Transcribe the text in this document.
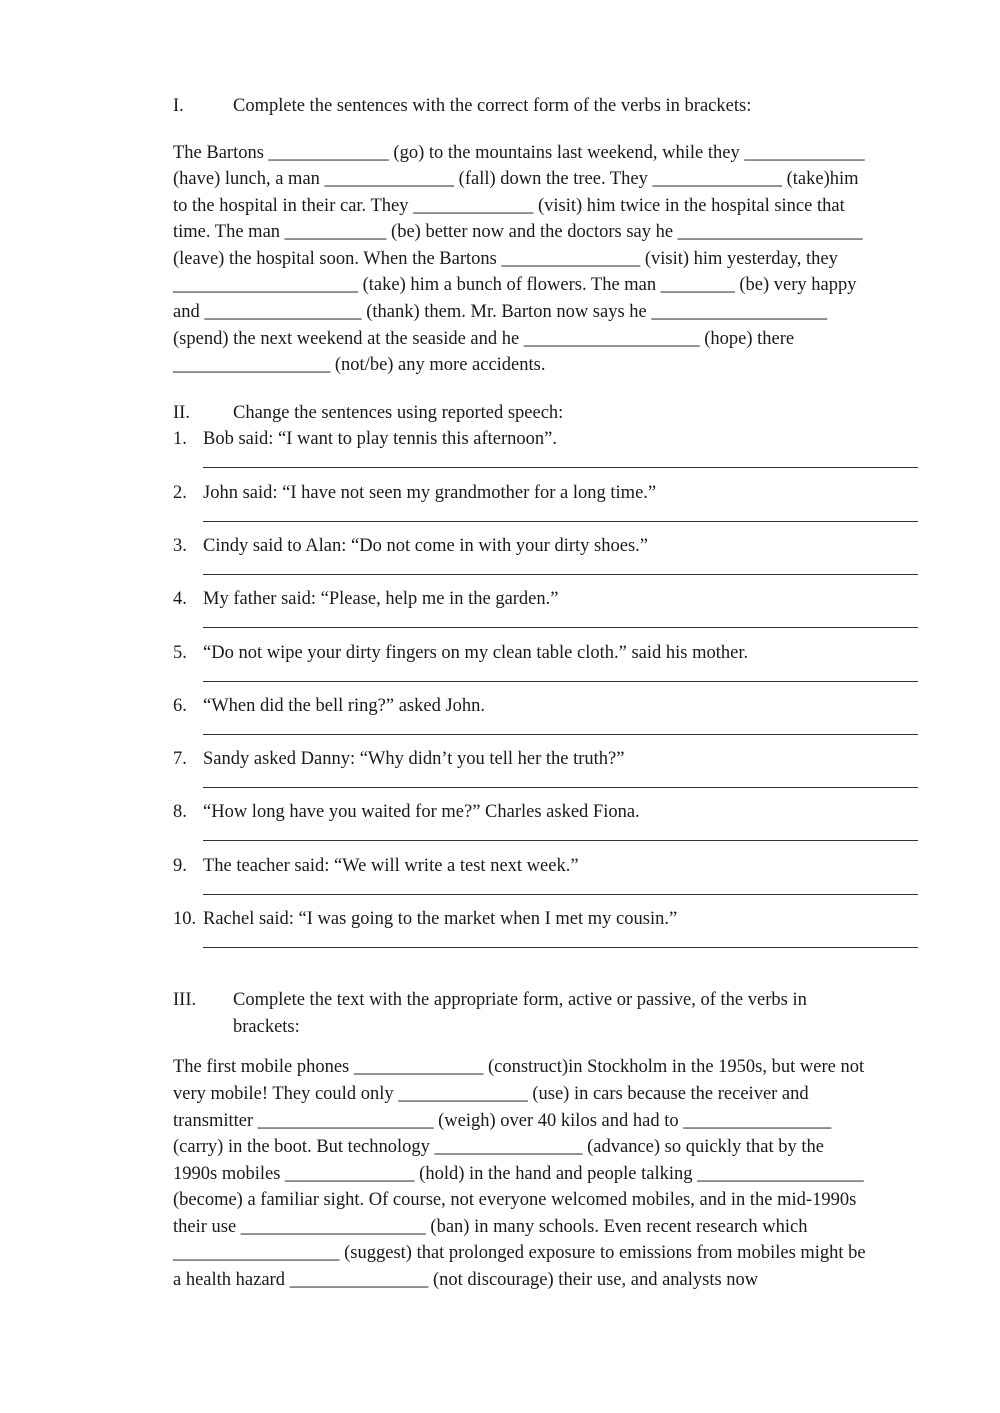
I.	Complete the sentences with the correct form of the verbs in brackets:
The Bartons _____________ (go) to the mountains last weekend, while they _____________
(have) lunch, a man ______________ (fall) down the tree. They ______________ (take)him
to the hospital in their car. They _____________ (visit) him twice in the hospital since that
time. The man ___________ (be) better now and the doctors say he ____________________
(leave) the hospital soon. When the Bartons _______________ (visit) him yesterday, they
____________________ (take) him a bunch of flowers. The man ________ (be) very happy
and _________________ (thank) them. Mr. Barton now says he ___________________
(spend) the next weekend at the seaside and he ___________________ (hope) there
_________________ (not/be) any more accidents.
II. Change the sentences using reported speech:
1. Bob said: “I want to play tennis this afternoon”.
2. John said: “I have not seen my grandmother for a long time.”
3. Cindy said to Alan: “Do not come in with your dirty shoes.”
4. My father said: “Please, help me in the garden.”
5. “Do not wipe your dirty fingers on my clean table cloth.” said his mother.
6. “When did the bell ring?” asked John.
7. Sandy asked Danny: “Why didn’t you tell her the truth?”
8. “How long have you waited for me?” Charles asked Fiona.
9. The teacher said: “We will write a test next week.”
10. Rachel said: “I was going to the market when I met my cousin.”
III. Complete the text with the appropriate form, active or passive, of the verbs in
brackets:
The first mobile phones ______________ (construct)in Stockholm in the 1950s, but were not
very mobile! They could only ______________ (use) in cars because the receiver and
transmitter ___________________ (weigh) over 40 kilos and had to ________________
(carry) in the boot. But technology ________________ (advance) so quickly that by the
1990s mobiles ______________ (hold) in the hand and people talking __________________
(become) a familiar sight. Of course, not everyone welcomed mobiles, and in the mid-1990s
their use ____________________ (ban) in many schools. Even recent research which
__________________ (suggest) that prolonged exposure to emissions from mobiles might be
a health hazard _______________ (not discourage) their use, and analysts now
